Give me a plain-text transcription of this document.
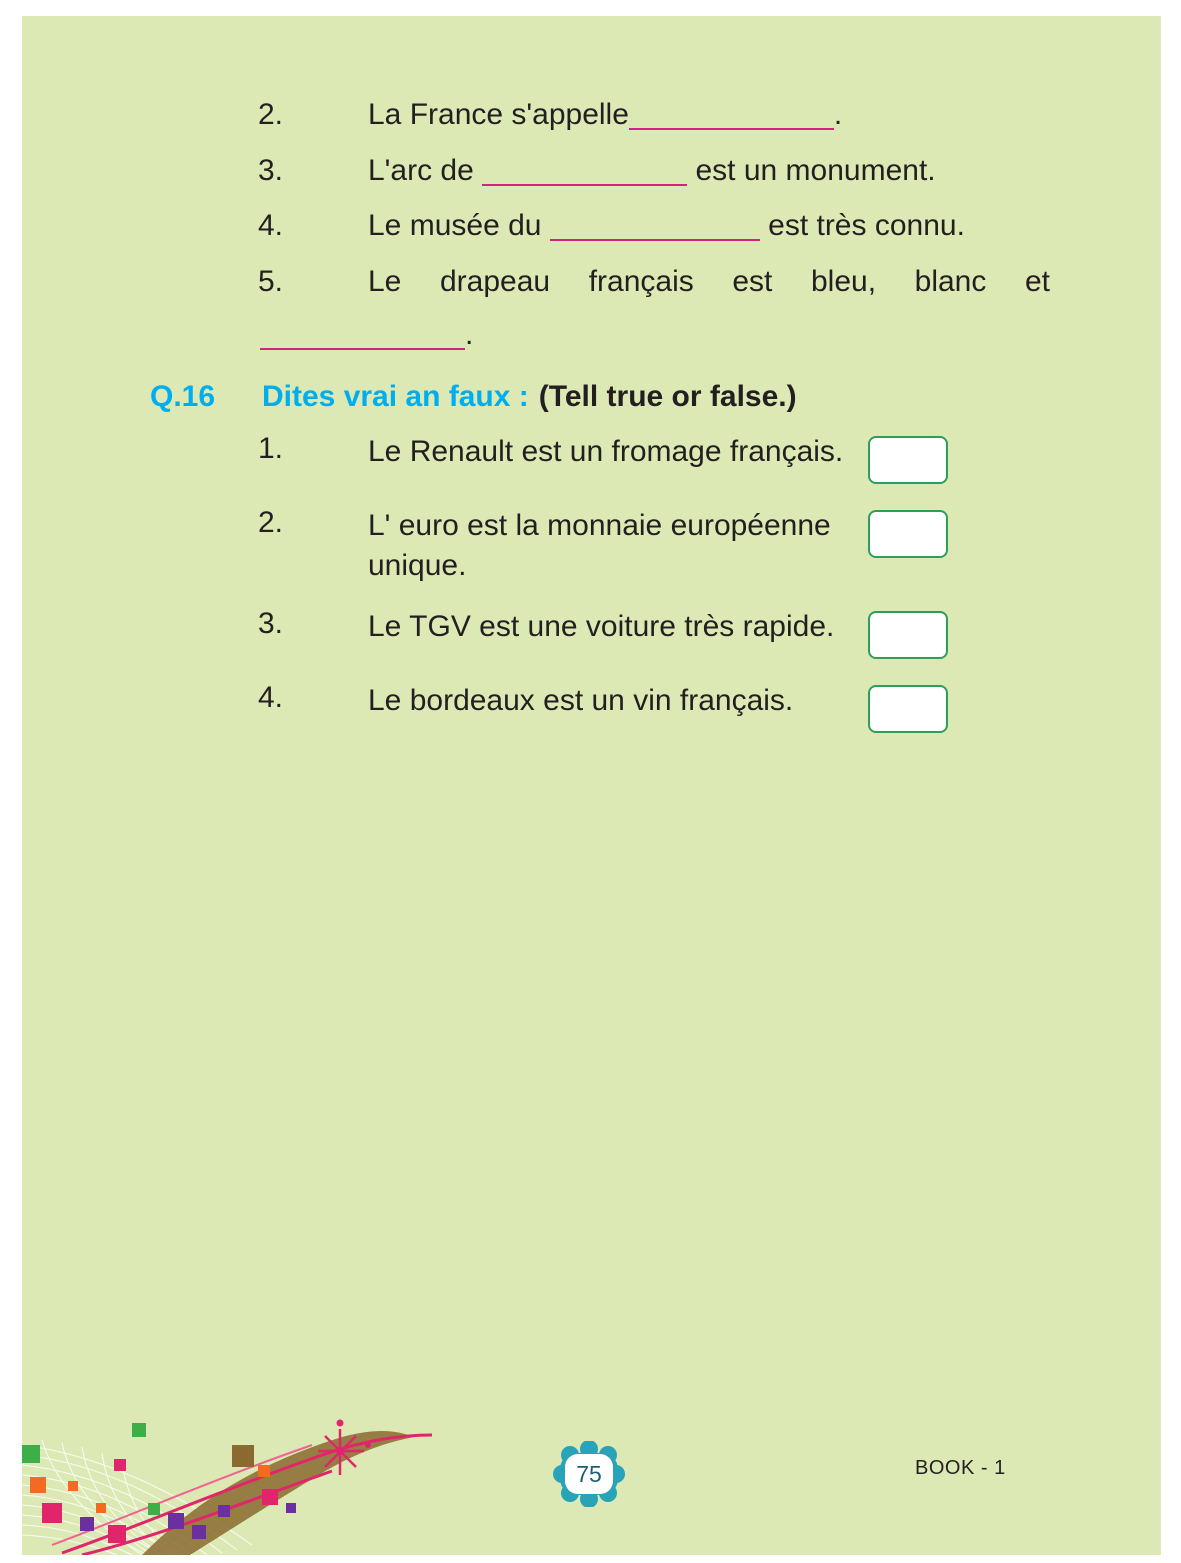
2.	La France s'appelle	.
3.	L'arc de	est un monument.
4.	Le musée du	est très connu.
5.	Le drapeau français est bleu, blanc et
.
Q.16	Dites vrai an faux : (Tell true or false.)
1.	Le Renault est un fromage français.
2.	L' euro est la monnaie européenne unique.
3.	Le TGV est une voiture très rapide.
4.	Le bordeaux est un vin français.
75	BOOK - 1
